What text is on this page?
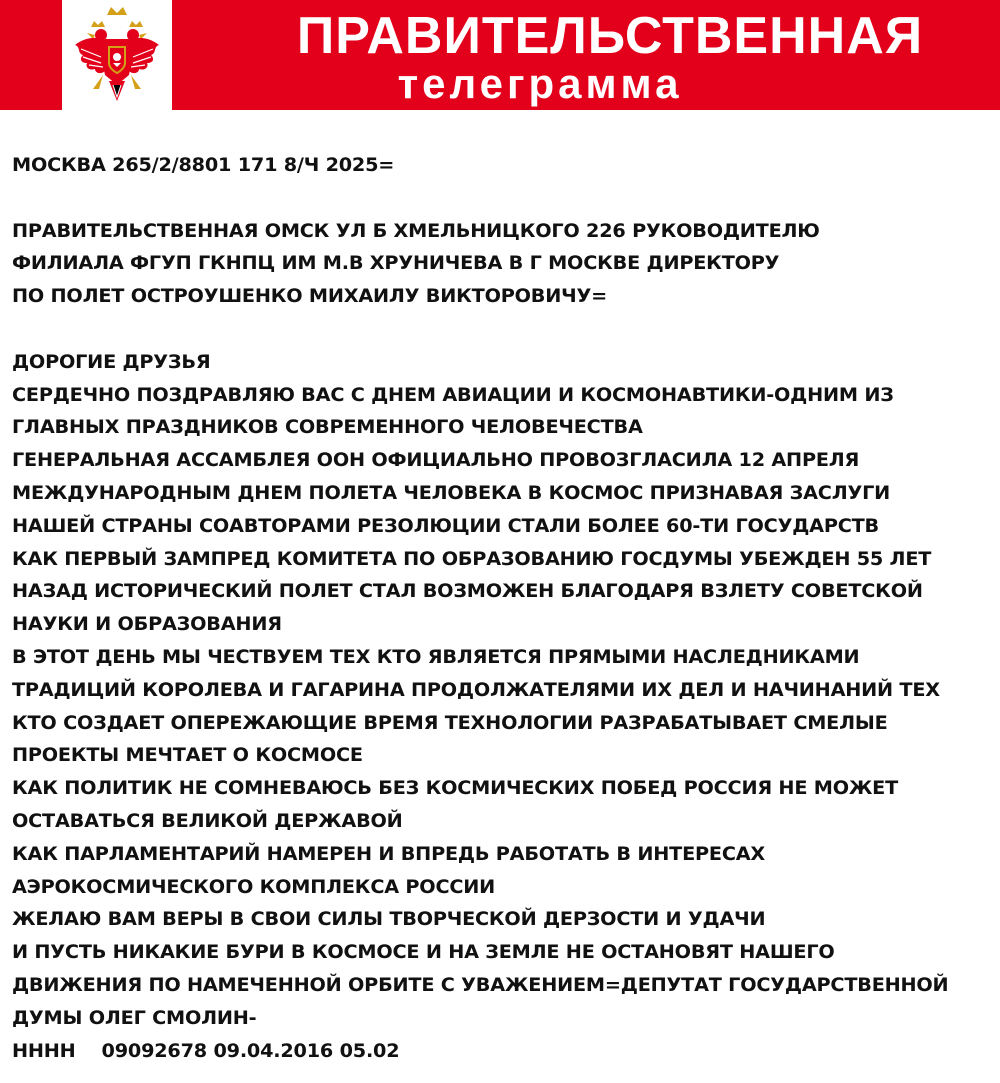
ПРАВИТЕЛЬСТВЕННАЯ
телеграмма
МОСКВА 265/2/8801 171 8/Ч 2025=
ПРАВИТЕЛЬСТВЕННАЯ ОМСК УЛ Б ХМЕЛЬНИЦКОГО 226 РУКОВОДИТЕЛЮ
ФИЛИАЛА ФГУП ГКНПЦ ИМ М.В ХРУНИЧЕВА В Г МОСКВЕ ДИРЕКТОРУ
ПО ПОЛЕТ ОСТРОУШЕНКО МИХАИЛУ ВИКТОРОВИЧУ=
ДОРОГИЕ ДРУЗЬЯ
СЕРДЕЧНО ПОЗДРАВЛЯЮ ВАС С ДНЕМ АВИАЦИИ И КОСМОНАВТИКИ-ОДНИМ ИЗ
ГЛАВНЫХ ПРАЗДНИКОВ СОВРЕМЕННОГО ЧЕЛОВЕЧЕСТВА
ГЕНЕРАЛЬНАЯ АССАМБЛЕЯ ООН ОФИЦИАЛЬНО ПРОВОЗГЛАСИЛА 12 АПРЕЛЯ
МЕЖДУНАРОДНЫМ ДНЕМ ПОЛЕТА ЧЕЛОВЕКА В КОСМОС ПРИЗНАВАЯ ЗАСЛУГИ
НАШЕЙ СТРАНЫ СОАВТОРАМИ РЕЗОЛЮЦИИ СТАЛИ БОЛЕЕ 60-ТИ ГОСУДАРСТВ
КАК ПЕРВЫЙ ЗАМПРЕД КОМИТЕТА ПО ОБРАЗОВАНИЮ ГОСДУМЫ УБЕЖДЕН 55 ЛЕТ
НАЗАД ИСТОРИЧЕСКИЙ ПОЛЕТ СТАЛ ВОЗМОЖЕН БЛАГОДАРЯ ВЗЛЕТУ СОВЕТСКОЙ
НАУКИ И ОБРАЗОВАНИЯ
В ЭТОТ ДЕНЬ МЫ ЧЕСТВУЕМ ТЕХ КТО ЯВЛЯЕТСЯ ПРЯМЫМИ НАСЛЕДНИКАМИ
ТРАДИЦИЙ КОРОЛЕВА И ГАГАРИНА ПРОДОЛЖАТЕЛЯМИ ИХ ДЕЛ И НАЧИНАНИЙ ТЕХ
КТО СОЗДАЕТ ОПЕРЕЖАЮЩИЕ ВРЕМЯ ТЕХНОЛОГИИ РАЗРАБАТЫВАЕТ СМЕЛЫЕ
ПРОЕКТЫ МЕЧТАЕТ О КОСМОСЕ
КАК ПОЛИТИК НЕ СОМНЕВАЮСЬ БЕЗ КОСМИЧЕСКИХ ПОБЕД РОССИЯ НЕ МОЖЕТ
ОСТАВАТЬСЯ ВЕЛИКОЙ ДЕРЖАВОЙ
КАК ПАРЛАМЕНТАРИЙ НАМЕРЕН И ВПРЕДЬ РАБОТАТЬ В ИНТЕРЕСАХ
АЭРОКОСМИЧЕСКОГО КОМПЛЕКСА РОССИИ
ЖЕЛАЮ ВАМ ВЕРЫ В СВОИ СИЛЫ ТВОРЧЕСКОЙ ДЕРЗОСТИ И УДАЧИ
И ПУСТЬ НИКАКИЕ БУРИ В КОСМОСЕ И НА ЗЕМЛЕ НЕ ОСТАНОВЯТ НАШЕГО
ДВИЖЕНИЯ ПО НАМЕЧЕННОЙ ОРБИТЕ С УВАЖЕНИЕМ=ДЕПУТАТ ГОСУДАРСТВЕННОЙ
ДУМЫ ОЛЕГ СМОЛИН-
НННН    09092678 09.04.2016 05.02
